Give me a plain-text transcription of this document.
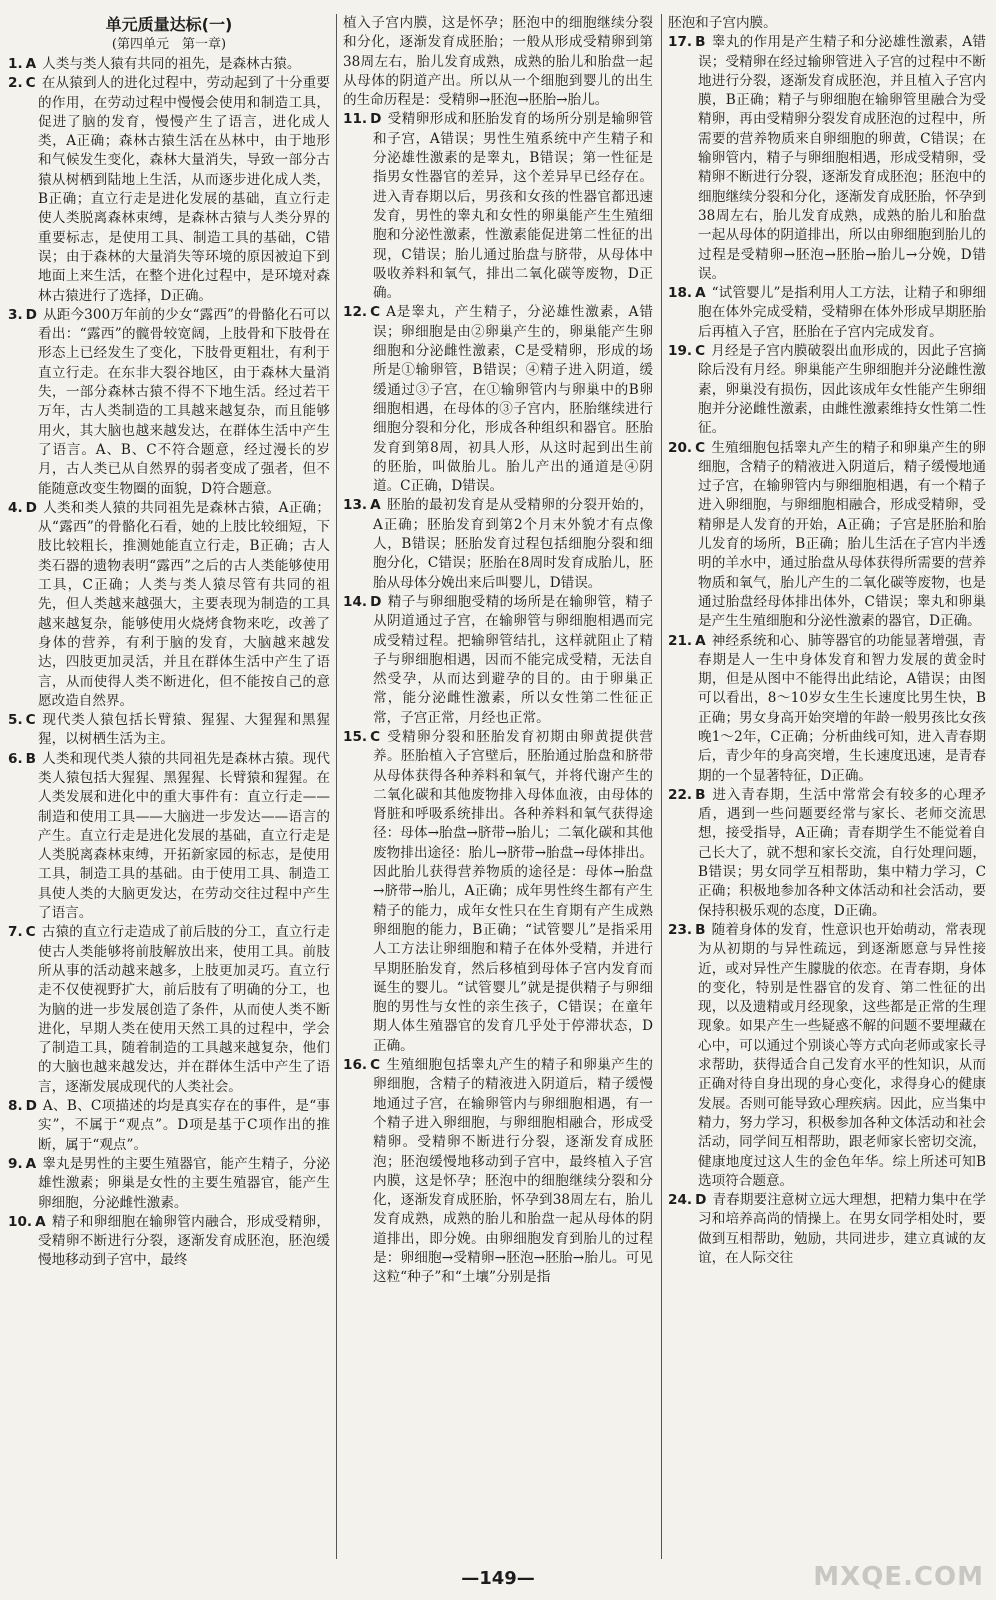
单元质量达标(一)
(第四单元　第一章)

1. A 人类与类人猿有共同的祖先，是森林古猿。

2. C 在从猿到人的进化过程中，劳动起到了十分重要的作用，在劳动过程中慢慢会使用和制造工具，促进了脑的发育，慢慢产生了语言，进化成人类，A正确；森林古猿生活在丛林中，由于地形和气候发生变化，森林大量消失，导致一部分古猿从树栖到陆地上生活，从而逐步进化成人类，B正确；直立行走是进化发展的基础，直立行走使人类脱离森林束缚，是森林古猿与人类分界的重要标志，是使用工具、制造工具的基础，C错误；由于森林的大量消失等环境的原因被迫下到地面上来生活，在整个进化过程中，是环境对森林古猿进行了选择，D正确。

3. D 从距今300万年前的少女“露西”的骨骼化石可以看出：“露西”的髋骨较宽阔，上肢骨和下肢骨在形态上已经发生了变化，下肢骨更粗壮，有利于直立行走。在东非大裂谷地区，由于森林大量消失，一部分森林古猿不得不下地生活。经过若干万年，古人类制造的工具越来越复杂，而且能够用火，其大脑也越来越发达，在群体生活中产生了语言。A、B、C不符合题意，经过漫长的岁月，古人类已从自然界的弱者变成了强者，但不能随意改变生物圈的面貌，D符合题意。

4. D 人类和类人猿的共同祖先是森林古猿，A正确；从“露西”的骨骼化石看，她的上肢比较细短，下肢比较粗长，推测她能直立行走，B正确；古人类石器的遗物表明“露西”之后的古人类能够使用工具，C正确；人类与类人猿尽管有共同的祖先，但人类越来越强大，主要表现为制造的工具越来越复杂，能够使用火烧烤食物来吃，改善了身体的营养，有利于脑的发育，大脑越来越发达，四肢更加灵活，并且在群体生活中产生了语言，从而使得人类不断进化，但不能按自己的意愿改造自然界。

5. C 现代类人猿包括长臂猿、猩猩、大猩猩和黑猩猩，以树栖生活为主。

6. B 人类和现代类人猿的共同祖先是森林古猿。现代类人猿包括大猩猩、黑猩猩、长臂猿和猩猩。在人类发展和进化中的重大事件有：直立行走——制造和使用工具——大脑进一步发达——语言的产生。直立行走是进化发展的基础，直立行走是人类脱离森林束缚，开拓新家园的标志，是使用工具，制造工具的基础。由于使用工具、制造工具使人类的大脑更发达，在劳动交往过程中产生了语言。

7. C 古猿的直立行走造成了前后肢的分工，直立行走使古人类能够将前肢解放出来，使用工具。前肢所从事的活动越来越多，上肢更加灵巧。直立行走不仅使视野扩大，前后肢有了明确的分工，也为脑的进一步发展创造了条件，从而使人类不断进化，早期人类在使用天然工具的过程中，学会了制造工具，随着制造的工具越来越复杂，他们的大脑也越来越发达，并在群体生活中产生了语言，逐渐发展成现代的人类社会。

8. D A、B、C项描述的均是真实存在的事件，是“事实”，不属于“观点”。D项是基于C项作出的推断，属于“观点”。

9. A 睾丸是男性的主要生殖器官，能产生精子，分泌雄性激素；卵巢是女性的主要生殖器官，能产生卵细胞，分泌雌性激素。

10. A 精子和卵细胞在输卵管内融合，形成受精卵，受精卵不断进行分裂，逐渐发育成胚泡，胚泡缓慢地移动到子宫中，最终

植入子宫内膜，这是怀孕；胚泡中的细胞继续分裂和分化，逐渐发育成胚胎；一般从形成受精卵到第38周左右，胎儿发育成熟，成熟的胎儿和胎盘一起从母体的阴道产出。所以从一个细胞到婴儿的出生的生命历程是：受精卵→胚泡→胚胎→胎儿。

11. D 受精卵形成和胚胎发育的场所分别是输卵管和子宫，A错误；男性生殖系统中产生精子和分泌雄性激素的是睾丸，B错误；第一性征是指男女性器官的差异，这个差异早已经存在。进入青春期以后，男孩和女孩的性器官都迅速发育，男性的睾丸和女性的卵巢能产生生殖细胞和分泌性激素，性激素能促进第二性征的出现，C错误；胎儿通过胎盘与脐带，从母体中吸收养料和氧气，排出二氧化碳等废物，D正确。

12. C A是睾丸，产生精子，分泌雄性激素，A错误；卵细胞是由②卵巢产生的，卵巢能产生卵细胞和分泌雌性激素，C是受精卵，形成的场所是①输卵管，B错误；④精子进入阴道，缓缓通过③子宫，在①输卵管内与卵巢中的B卵细胞相遇，在母体的③子宫内，胚胎继续进行细胞分裂和分化，形成各种组织和器官。胚胎发育到第8周，初具人形，从这时起到出生前的胚胎，叫做胎儿。胎儿产出的通道是④阴道。C正确，D错误。

13. A 胚胎的最初发育是从受精卵的分裂开始的，A正确；胚胎发育到第2个月末外貌才有点像人，B错误；胚胎发育过程包括细胞分裂和细胞分化，C错误；胚胎在8周时发育成胎儿，胚胎从母体分娩出来后叫婴儿，D错误。

14. D 精子与卵细胞受精的场所是在输卵管，精子从阴道通过子宫，在输卵管与卵细胞相遇而完成受精过程。把输卵管结扎，这样就阻止了精子与卵细胞相遇，因而不能完成受精，无法自然受孕，从而达到避孕的目的。由于卵巢正常，能分泌雌性激素，所以女性第二性征正常，子宫正常，月经也正常。

15. C 受精卵分裂和胚胎发育初期由卵黄提供营养。胚胎植入子宫壁后，胚胎通过胎盘和脐带从母体获得各种养料和氧气，并将代谢产生的二氧化碳和其他废物排入母体血液，由母体的肾脏和呼吸系统排出。各种养料和氧气获得途径：母体→胎盘→脐带→胎儿；二氧化碳和其他废物排出途径：胎儿→脐带→胎盘→母体排出。因此胎儿获得营养物质的途径是：母体→胎盘→脐带→胎儿，A正确；成年男性终生都有产生精子的能力，成年女性只在生育期有产生成熟卵细胞的能力，B正确；“试管婴儿”是指采用人工方法让卵细胞和精子在体外受精，并进行早期胚胎发育，然后移植到母体子宫内发育而诞生的婴儿。“试管婴儿”就是提供精子与卵细胞的男性与女性的亲生孩子，C错误；在童年期人体生殖器官的发育几乎处于停滞状态，D正确。

16. C 生殖细胞包括睾丸产生的精子和卵巢产生的卵细胞，含精子的精液进入阴道后，精子缓慢地通过子宫，在输卵管内与卵细胞相遇，有一个精子进入卵细胞，与卵细胞相融合，形成受精卵。受精卵不断进行分裂，逐渐发育成胚泡；胚泡缓慢地移动到子宫中，最终植入子宫内膜，这是怀孕；胚泡中的细胞继续分裂和分化，逐渐发育成胚胎，怀孕到38周左右，胎儿发育成熟，成熟的胎儿和胎盘一起从母体的阴道排出，即分娩。由卵细胞发育到胎儿的过程是：卵细胞→受精卵→胚泡→胚胎→胎儿。可见这粒“种子”和“土壤”分别是指

胚泡和子宫内膜。

17. B 睾丸的作用是产生精子和分泌雄性激素，A错误；受精卵在经过输卵管进入子宫的过程中不断地进行分裂，逐渐发育成胚泡，并且植入子宫内膜，B正确；精子与卵细胞在输卵管里融合为受精卵，再由受精卵分裂发育成胚泡的过程中，所需要的营养物质来自卵细胞的卵黄，C错误；在输卵管内，精子与卵细胞相遇，形成受精卵，受精卵不断进行分裂，逐渐发育成胚泡；胚泡中的细胞继续分裂和分化，逐渐发育成胚胎，怀孕到38周左右，胎儿发育成熟，成熟的胎儿和胎盘一起从母体的阴道排出，所以由卵细胞到胎儿的过程是受精卵→胚泡→胚胎→胎儿→分娩，D错误。

18. A “试管婴儿”是指利用人工方法，让精子和卵细胞在体外完成受精，受精卵在体外形成早期胚胎后再植入子宫，胚胎在子宫内完成发育。

19. C 月经是子宫内膜破裂出血形成的，因此子宫摘除后没有月经。卵巢能产生卵细胞并分泌雌性激素，卵巢没有损伤，因此该成年女性能产生卵细胞并分泌雌性激素，由雌性激素维持女性第二性征。

20. C 生殖细胞包括睾丸产生的精子和卵巢产生的卵细胞，含精子的精液进入阴道后，精子缓慢地通过子宫，在输卵管内与卵细胞相遇，有一个精子进入卵细胞，与卵细胞相融合，形成受精卵，受精卵是人发育的开始，A正确；子宫是胚胎和胎儿发育的场所，B正确；胎儿生活在子宫内半透明的羊水中，通过胎盘从母体获得所需要的营养物质和氧气，胎儿产生的二氧化碳等废物，也是通过胎盘经母体排出体外，C错误；睾丸和卵巢是产生生殖细胞和分泌性激素的器官，D正确。

21. A 神经系统和心、肺等器官的功能显著增强，青春期是人一生中身体发育和智力发展的黄金时期，但是从图中不能得出此结论，A错误；由图可以看出，8～10岁女生生长速度比男生快，B正确；男女身高开始突增的年龄一般男孩比女孩晚1～2年，C正确；分析曲线可知，进入青春期后，青少年的身高突增，生长速度迅速，是青春期的一个显著特征，D正确。

22. B 进入青春期，生活中常常会有较多的心理矛盾，遇到一些问题要经常与家长、老师交流思想，接受指导，A正确；青春期学生不能觉着自己长大了，就不想和家长交流，自行处理问题，B错误；男女同学互相帮助，集中精力学习，C正确；积极地参加各种文体活动和社会活动，要保持积极乐观的态度，D正确。

23. B 随着身体的发育，性意识也开始萌动，常表现为从初期的与异性疏远，到逐渐愿意与异性接近，或对异性产生朦胧的依恋。在青春期，身体的变化，特别是性器官的发育、第二性征的出现，以及遗精或月经现象，这些都是正常的生理现象。如果产生一些疑惑不解的问题不要埋藏在心中，可以通过个别谈心等方式向老师或家长寻求帮助，获得适合自己发育水平的性知识，从而正确对待自身出现的身心变化，求得身心的健康发展。否则可能导致心理疾病。因此，应当集中精力，努力学习，积极参加各种文体活动和社会活动，同学间互相帮助，跟老师家长密切交流，健康地度过这人生的金色年华。综上所述可知B选项符合题意。

24. D 青春期要注意树立远大理想，把精力集中在学习和培养高尚的情操上。在男女同学相处时，要做到互相帮助，勉励，共同进步，建立真诚的友谊，在人际交往

—149—	MXQE.COM
